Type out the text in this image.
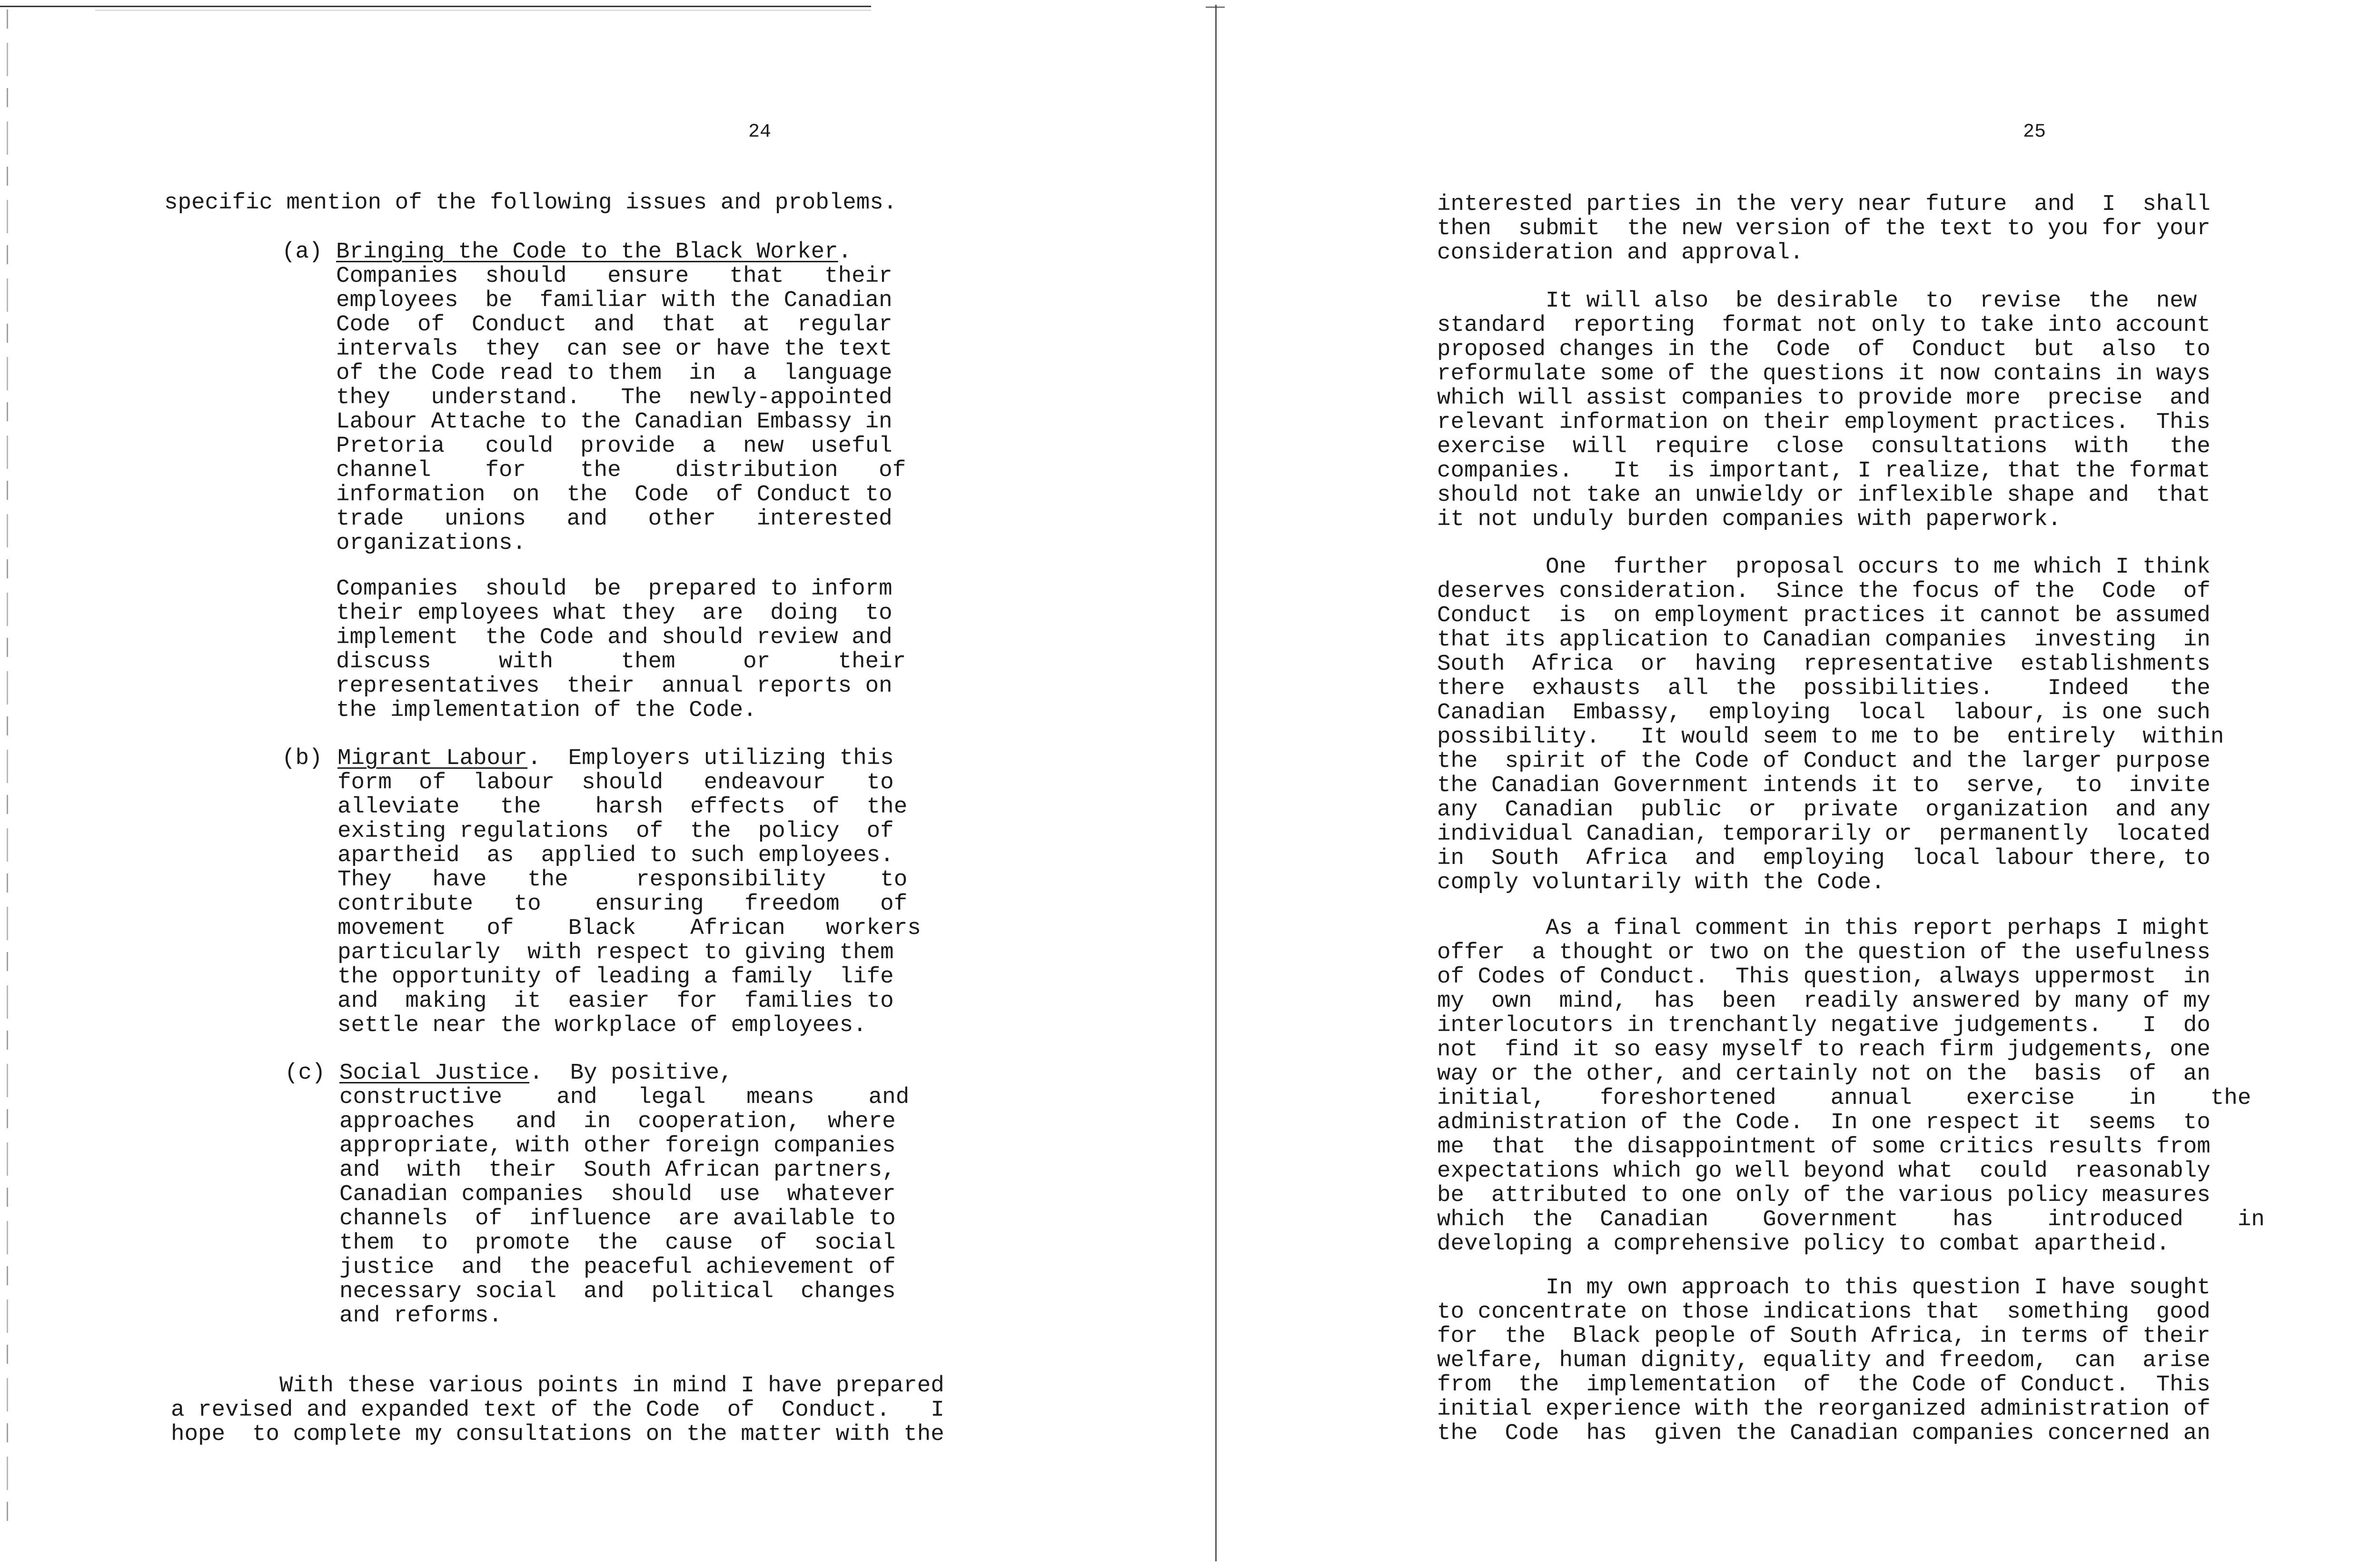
24
specific mention of the following issues and problems.
(a) Bringing the Code to the Black Worker.
Companies  should   ensure   that   their
employees  be  familiar with the Canadian
Code  of  Conduct  and  that  at  regular
intervals  they  can see or have the text
of the Code read to them  in  a  language
they   understand.   The  newly-appointed
Labour Attache to the Canadian Embassy in
Pretoria   could  provide  a  new  useful
channel    for    the    distribution   of
information  on  the  Code  of Conduct to
trade   unions   and   other   interested
organizations.
Companies  should  be  prepared to inform
their employees what they  are  doing  to
implement  the Code and should review and
discuss     with     them     or     their
representatives  their  annual reports on
the implementation of the Code.
(b) Migrant Labour.  Employers utilizing this
form  of  labour  should   endeavour   to
alleviate   the    harsh  effects  of  the
existing regulations  of  the  policy  of
apartheid  as  applied to such employees.
They   have   the     responsibility    to
contribute   to    ensuring   freedom   of
movement   of    Black    African   workers
particularly  with respect to giving them
the opportunity of leading a family  life
and  making  it  easier  for  families to
settle near the workplace of employees.
(c) Social Justice.  By positive,
constructive    and   legal   means    and
approaches   and  in  cooperation,  where
appropriate, with other foreign companies
and  with  their  South African partners,
Canadian companies  should  use  whatever
channels  of  influence  are available to
them  to  promote  the  cause  of  social
justice  and  the peaceful achievement of
necessary social  and  political  changes
and reforms.
With these various points in mind I have prepared
a revised and expanded text of the Code  of  Conduct.   I
hope  to complete my consultations on the matter with the
25
interested parties in the very near future  and  I  shall
then  submit  the new version of the text to you for your
consideration and approval.
It will also  be desirable  to  revise  the  new
standard  reporting  format not only to take into account
proposed changes in the  Code  of  Conduct  but  also  to
reformulate some of the questions it now contains in ways
which will assist companies to provide more  precise  and
relevant information on their employment practices.  This
exercise  will  require  close  consultations  with   the
companies.   It  is important, I realize, that the format
should not take an unwieldy or inflexible shape and  that
it not unduly burden companies with paperwork.
One  further  proposal occurs to me which I think
deserves consideration.  Since the focus of the  Code  of
Conduct  is  on employment practices it cannot be assumed
that its application to Canadian companies  investing  in
South  Africa  or  having  representative  establishments
there  exhausts  all  the  possibilities.    Indeed   the
Canadian  Embassy,  employing  local  labour, is one such
possibility.   It would seem to me to be  entirely  within
the  spirit of the Code of Conduct and the larger purpose
the Canadian Government intends it to  serve,  to  invite
any  Canadian  public  or  private  organization  and any
individual Canadian, temporarily or  permanently  located
in  South  Africa  and  employing  local labour there, to
comply voluntarily with the Code.
As a final comment in this report perhaps I might
offer  a thought or two on the question of the usefulness
of Codes of Conduct.  This question, always uppermost  in
my  own  mind,  has  been  readily answered by many of my
interlocutors in trenchantly negative judgements.   I  do
not  find it so easy myself to reach firm judgements, one
way or the other, and certainly not on the  basis  of  an
initial,    foreshortened    annual    exercise    in    the
administration of the Code.  In one respect it  seems  to
me  that  the disappointment of some critics results from
expectations which go well beyond what  could  reasonably
be  attributed to one only of the various policy measures
which  the  Canadian    Government    has    introduced    in
developing a comprehensive policy to combat apartheid.
In my own approach to this question I have sought
to concentrate on those indications that  something  good
for  the  Black people of South Africa, in terms of their
welfare, human dignity, equality and freedom,  can  arise
from  the  implementation  of  the Code of Conduct.  This
initial experience with the reorganized administration of
the  Code  has  given the Canadian companies concerned an
